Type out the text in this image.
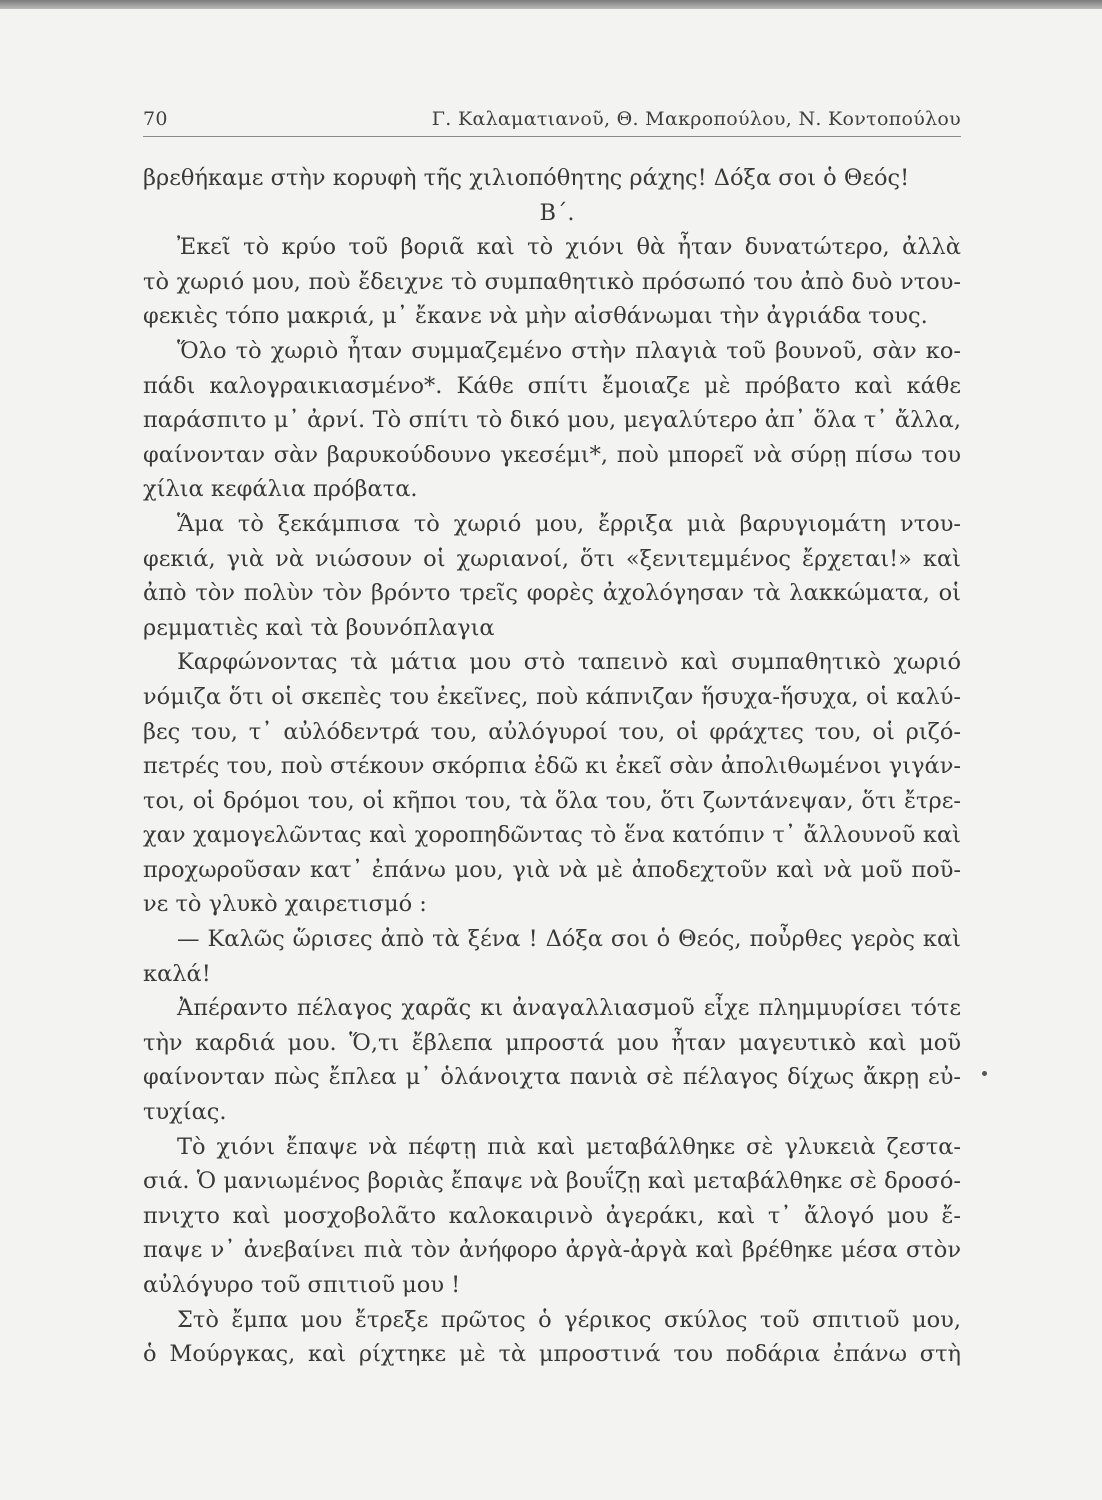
70	Γ. Καλαματιανοῦ, Θ. Μακροπούλου, Ν. Κοντοπούλου
βρεθήκαμε στὴν κορυφὴ τῆς χιλιοπόθητης ράχης! Δόξα σοι ὁ Θεός!

Β΄.

Ἐκεῖ τὸ κρύο τοῦ βοριᾶ καὶ τὸ χιόνι θὰ ἦταν δυνατώτερο, ἀλλὰ
τὸ χωριό μου, ποὺ ἔδειχνε τὸ συμπαθητικὸ πρόσωπό του ἀπὸ δυὸ ντου-
φεκιὲς τόπο μακριά, μ᾽ ἔκανε νὰ μὴν αἰσθάνωμαι τὴν ἀγριάδα τους.
Ὅλο τὸ χωριὸ ἦταν συμμαζεμένο στὴν πλαγιὰ τοῦ βουνοῦ, σὰν κο-
πάδι καλογραικιασμένο*. Κάθε σπίτι ἔμοιαζε μὲ πρόβατο καὶ κάθε
παράσπιτο μ᾽ ἀρνί. Τὸ σπίτι τὸ δικό μου, μεγαλύτερο ἀπ᾽ ὅλα τ᾽ ἄλλα,
φαίνονταν σὰν βαρυκούδουνο γκεσέμι*, ποὺ μπορεῖ νὰ σύρῃ πίσω του
χίλια κεφάλια πρόβατα.
Ἅμα τὸ ξεκάμπισα τὸ χωριό μου, ἔρριξα μιὰ βαρυγιομάτη ντου-
φεκιά, γιὰ νὰ νιώσουν οἱ χωριανοί, ὅτι «ξενιτεμμένος ἔρχεται!» καὶ
ἀπὸ τὸν πολὺν τὸν βρόντο τρεῖς φορὲς ἀχολόγησαν τὰ λακκώματα, οἱ
ρεμματιὲς καὶ τὰ βουνόπλαγια
Καρφώνοντας τὰ μάτια μου στὸ ταπεινὸ καὶ συμπαθητικὸ χωριό
νόμιζα ὅτι οἱ σκεπὲς του ἐκεῖνες, ποὺ κάπνιζαν ἥσυχα-ἥσυχα, οἱ καλύ-
βες του, τ᾽ αὐλόδεντρά του, αὐλόγυροί του, οἱ φράχτες του, οἱ ριζό-
πετρές του, ποὺ στέκουν σκόρπια ἐδῶ κι ἐκεῖ σὰν ἀπολιθωμένοι γιγάν-
τοι, οἱ δρόμοι του, οἱ κῆποι του, τὰ ὅλα του, ὅτι ζωντάνεψαν, ὅτι ἔτρε-
χαν χαμογελῶντας καὶ χοροπηδῶντας τὸ ἕνα κατόπιν τ᾽ ἄλλουνοῦ καὶ
προχωροῦσαν κατ᾽ ἐπάνω μου, γιὰ νὰ μὲ ἀποδεχτοῦν καὶ νὰ μοῦ ποῦ-
νε τὸ γλυκὸ χαιρετισμό :
— Καλῶς ὥρισες ἀπὸ τὰ ξένα ! Δόξα σοι ὁ Θεός, ποὖρθες γερὸς καὶ
καλά!
Ἀπέραντο πέλαγος χαρᾶς κι ἀναγαλλιασμοῦ εἶχε πλημμυρίσει τότε
τὴν καρδιά μου. Ὅ,τι ἔβλεπα μπροστά μου ἦταν μαγευτικὸ καὶ μοῦ
φαίνονταν πὼς ἔπλεα μ᾽ ὁλάνοιχτα πανιὰ σὲ πέλαγος δίχως ἄκρῃ εὐ-
τυχίας.
Τὸ χιόνι ἔπαψε νὰ πέφτῃ πιὰ καὶ μεταβάλθηκε σὲ γλυκειὰ ζεστα-
σιά. Ὁ μανιωμένος βοριὰς ἔπαψε νὰ βουΐζῃ καὶ μεταβάλθηκε σὲ δροσό-
πνιχτο καὶ μοσχοβολᾶτο καλοκαιρινὸ ἀγεράκι, καὶ τ᾽ ἄλογό μου ἔ-
παψε ν᾽ ἀνεβαίνει πιὰ τὸν ἀνήφορο ἀργὰ-ἀργὰ καὶ βρέθηκε μέσα στὸν
αὐλόγυρο τοῦ σπιτιοῦ μου !
Στὸ ἔμπα μου ἔτρεξε πρῶτος ὁ γέρικος σκύλος τοῦ σπιτιοῦ μου,
ὁ Μούργκας, καὶ ρίχτηκε μὲ τὰ μπροστινά του ποδάρια ἐπάνω στὴ
